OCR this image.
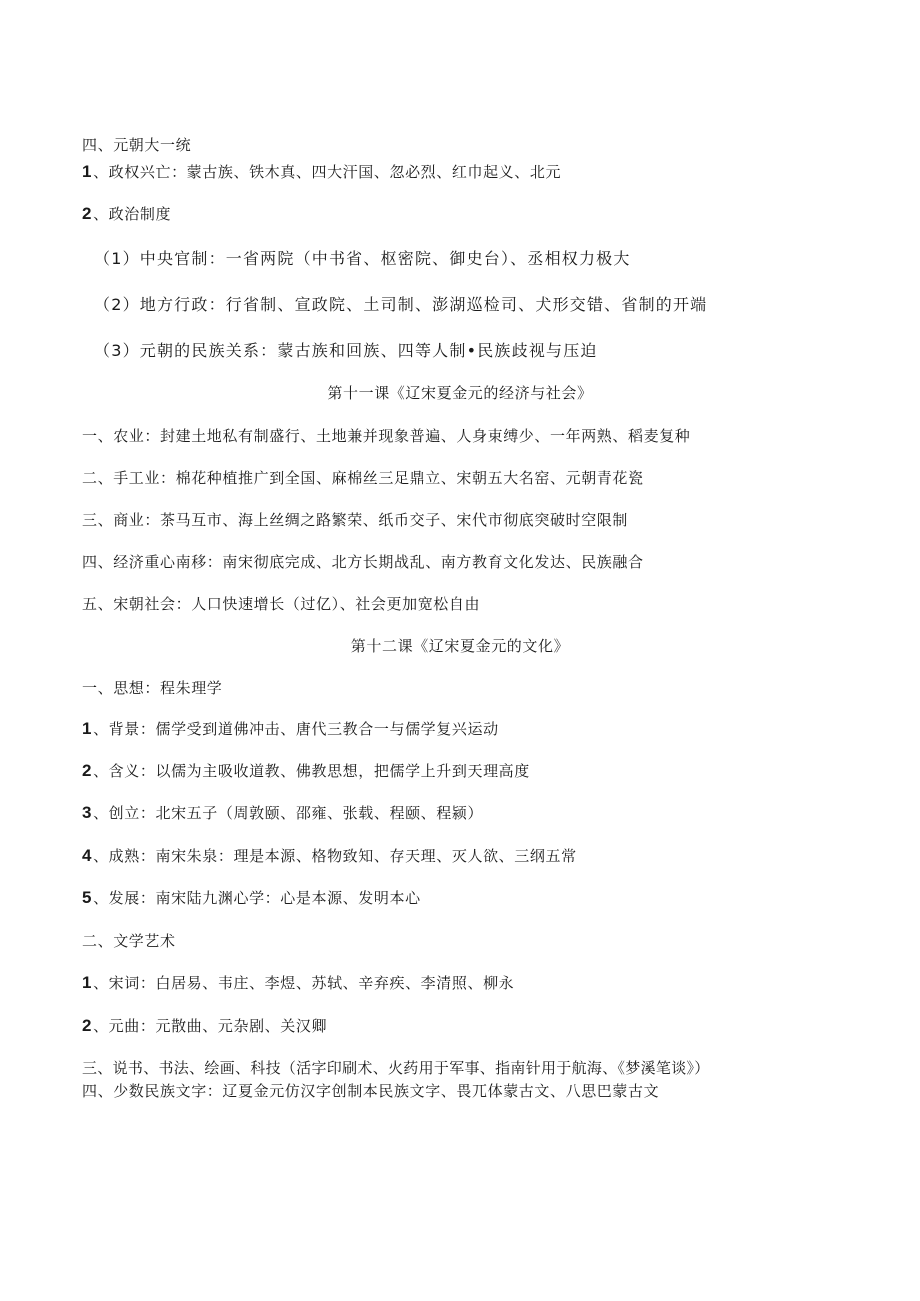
四、元朝大一统
1、政权兴亡：蒙古族、铁木真、四大汗国、忽必烈、红巾起义、北元
2、政治制度
（1）中央官制：一省两院（中书省、枢密院、御史台）、丞相权力极大
（2）地方行政：行省制、宣政院、土司制、澎湖巡检司、犬形交错、省制的开端
（3）元朝的民族关系：蒙古族和回族、四等人制•民族歧视与压迫
第十一课《辽宋夏金元的经济与社会》
一、农业：封建土地私有制盛行、土地兼并现象普遍、人身束缚少、一年两熟、稻麦复种
二、手工业：棉花种植推广到全国、麻棉丝三足鼎立、宋朝五大名窑、元朝青花瓷
三、商业：茶马互市、海上丝绸之路繁荣、纸币交子、宋代市彻底突破时空限制
四、经济重心南移：南宋彻底完成、北方长期战乱、南方教育文化发达、民族融合
五、宋朝社会：人口快速增长（过亿）、社会更加宽松自由
第十二课《辽宋夏金元的文化》
一、思想：程朱理学
1、背景：儒学受到道佛冲击、唐代三教合一与儒学复兴运动
2、含义：以儒为主吸收道教、佛教思想，把儒学上升到天理高度
3、创立：北宋五子（周敦颐、邵雍、张载、程颐、程颍）
4、成熟：南宋朱泉：理是本源、格物致知、存天理、灭人欲、三纲五常
5、发展：南宋陆九渊心学：心是本源、发明本心
二、文学艺术
1、宋词：白居易、韦庄、李煜、苏轼、辛弃疾、李清照、柳永
2、元曲：元散曲、元杂剧、关汉卿
三、说书、书法、绘画、科技（活字印刷术、火药用于军事、指南针用于航海、《梦溪笔谈》）
四、少数民族文字：辽夏金元仿汉字创制本民族文字、畏兀体蒙古文、八思巴蒙古文
